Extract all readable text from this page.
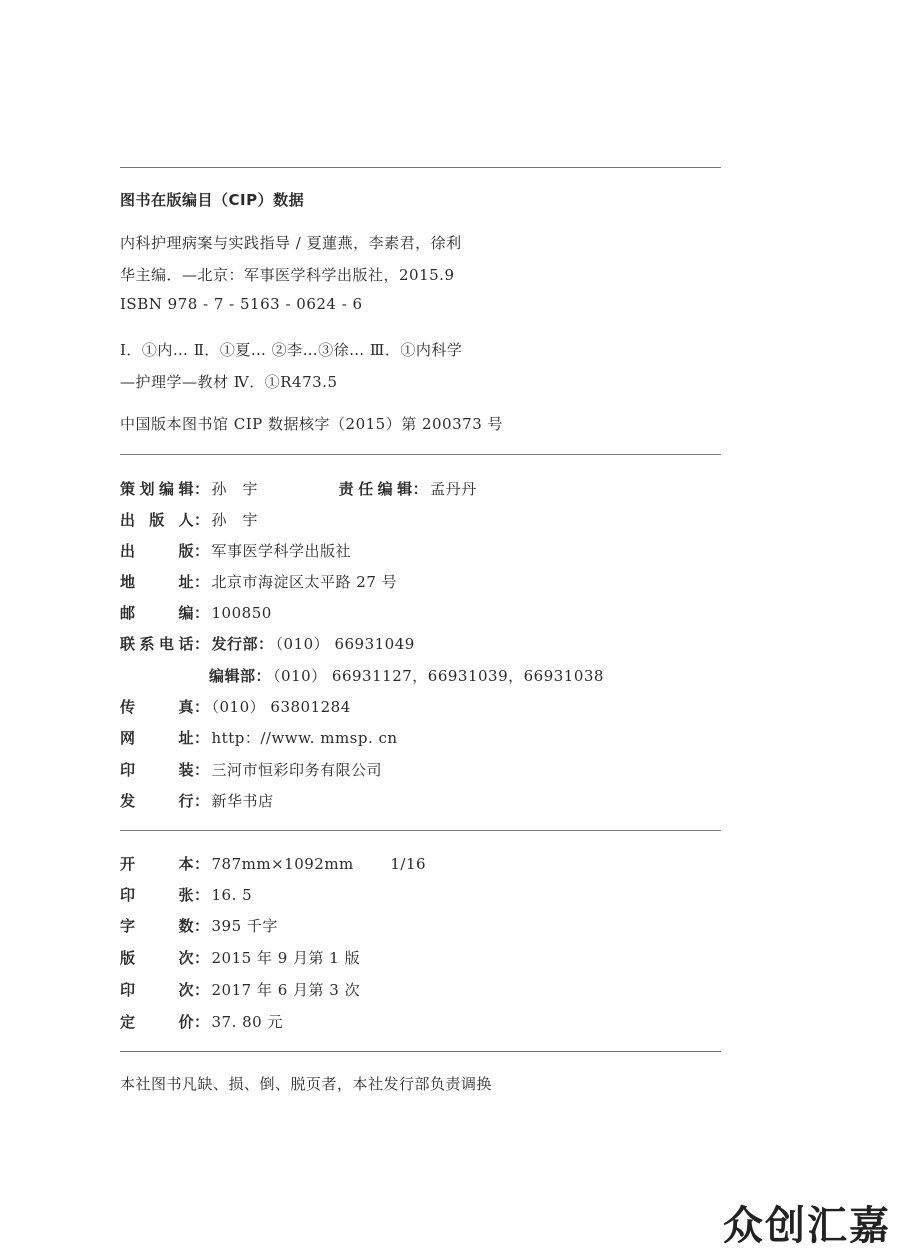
图书在版编目（CIP）数据
内科护理病案与实践指导 / 夏蓮燕，李素君，徐利
华主编．—北京：军事医学科学出版社，2015.9
ISBN 978 - 7 - 5163 - 0624 - 6
Ⅰ．①内… Ⅱ．①夏… ②李…③徐… Ⅲ．①内科学
—护理学—教材 Ⅳ．①R473.5
中国版本图书馆 CIP 数据核字（2015）第 200373 号
策划编辑： 孙　宇	责任编辑： 孟丹丹
出版人： 孙　宇
出版： 军事医学科学出版社
地址： 北京市海淀区太平路 27 号
邮编： 100850
联系电话： 发行部： （010） 66931049
编辑部： （010） 66931127，66931039，66931038
传真： （010） 63801284
网址： http：//www. mmsp. cn
印装： 三河市恒彩印务有限公司
发行： 新华书店
开本： 787mm×1092mm 1/16
印张： 16. 5
字数： 395 千字
版次： 2015 年 9 月第 1 版
印次： 2017 年 6 月第 3 次
定价： 37. 80 元
本社图书凡缺、损、倒、脱页者，本社发行部负责调换
众创汇嘉
